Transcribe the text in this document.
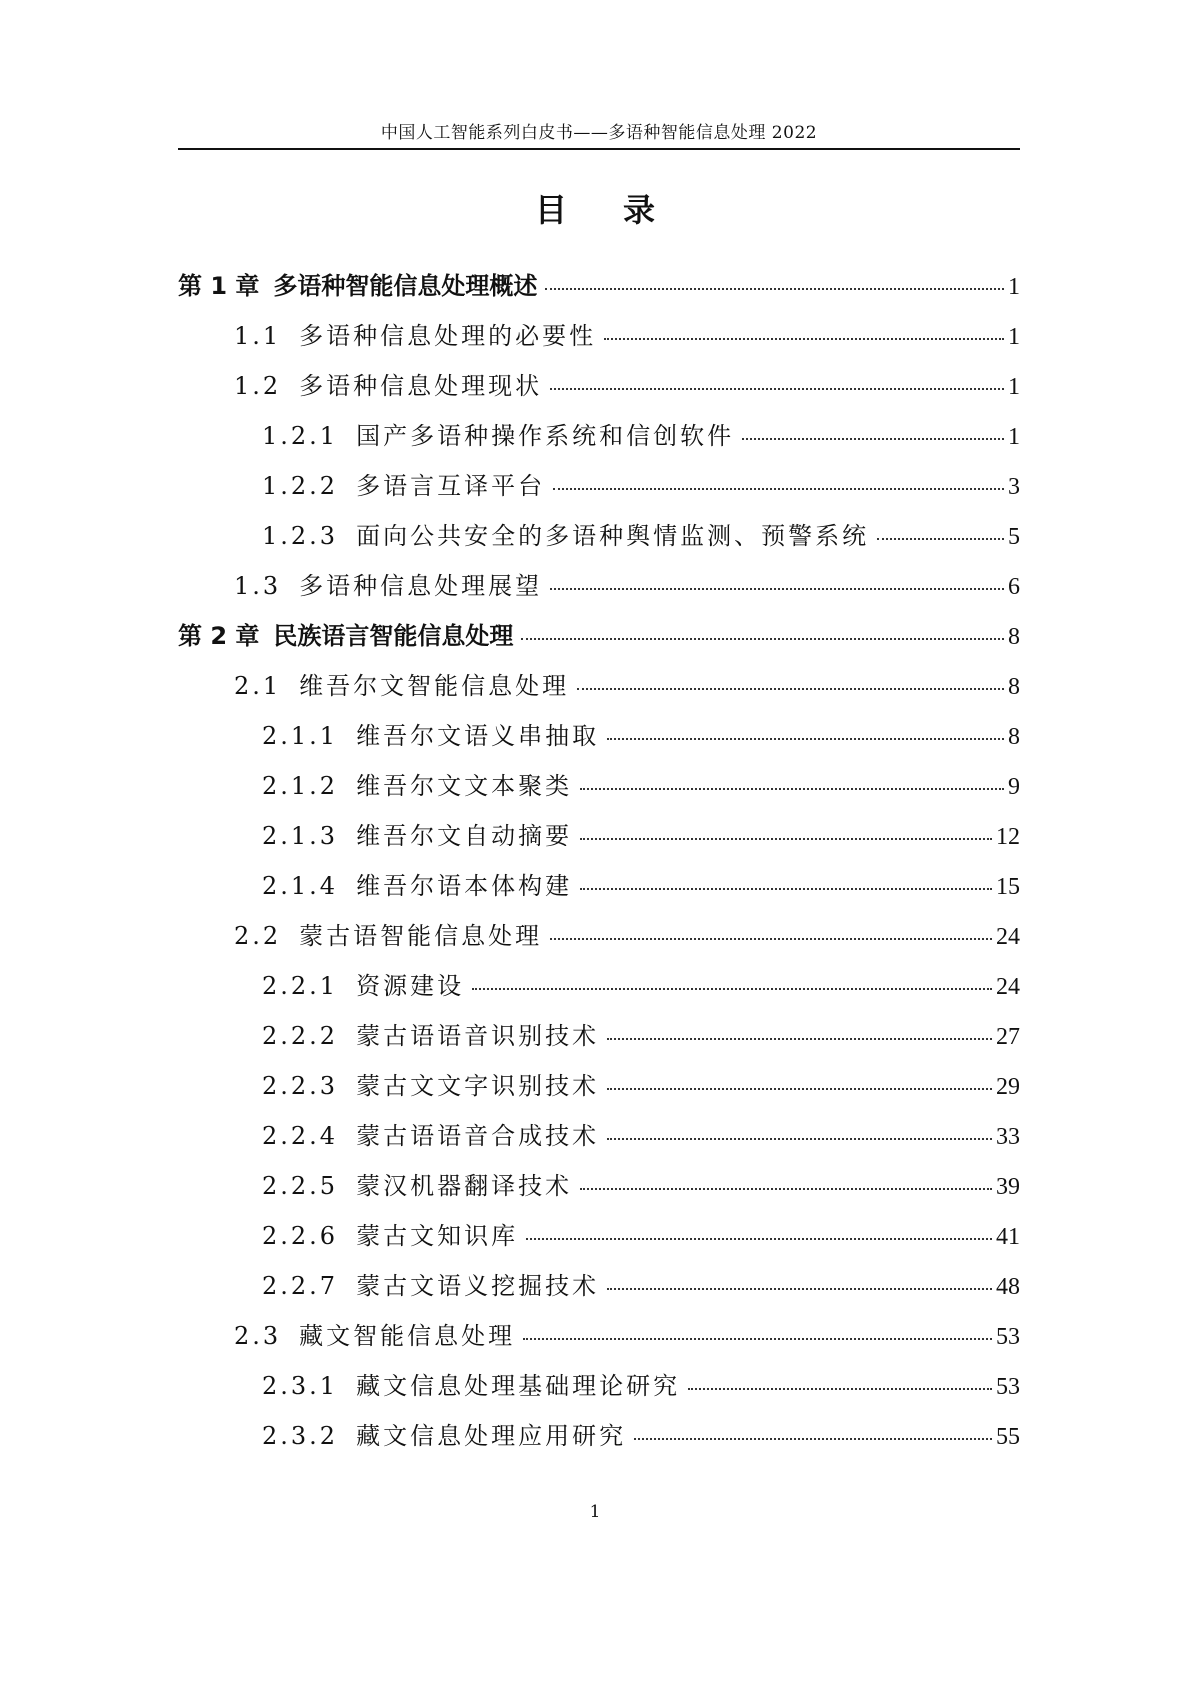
中国人工智能系列白皮书——多语种智能信息处理 2022
目 录
第 1 章 多语种智能信息处理概述	1
1.1 多语种信息处理的必要性	1
1.2 多语种信息处理现状	1
1.2.1 国产多语种操作系统和信创软件	1
1.2.2 多语言互译平台	3
1.2.3 面向公共安全的多语种舆情监测、预警系统	5
1.3 多语种信息处理展望	6
第 2 章 民族语言智能信息处理	8
2.1 维吾尔文智能信息处理	8
2.1.1 维吾尔文语义串抽取	8
2.1.2 维吾尔文文本聚类	9
2.1.3 维吾尔文自动摘要	12
2.1.4 维吾尔语本体构建	15
2.2 蒙古语智能信息处理	24
2.2.1 资源建设	24
2.2.2 蒙古语语音识别技术	27
2.2.3 蒙古文文字识别技术	29
2.2.4 蒙古语语音合成技术	33
2.2.5 蒙汉机器翻译技术	39
2.2.6 蒙古文知识库	41
2.2.7 蒙古文语义挖掘技术	48
2.3 藏文智能信息处理	53
2.3.1 藏文信息处理基础理论研究	53
2.3.2 藏文信息处理应用研究	55
1
